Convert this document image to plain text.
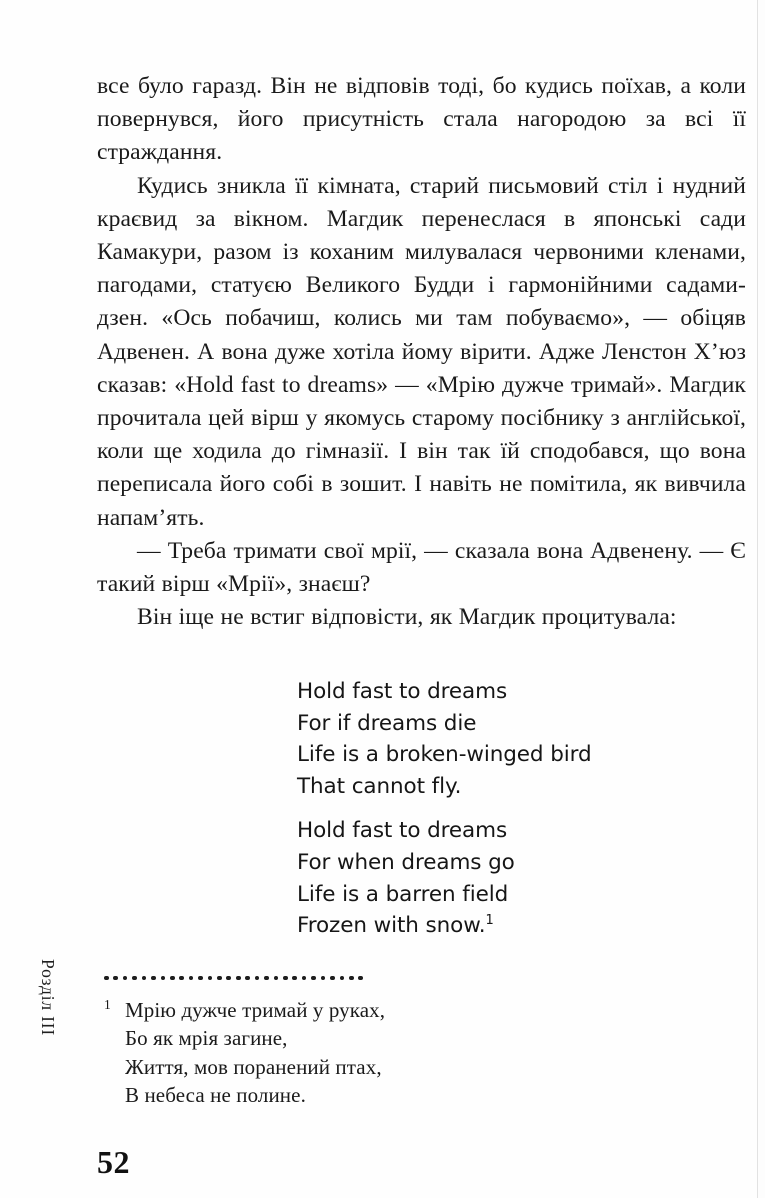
все було гаразд. Він не відповів тоді, бо кудись поїхав, а коли повернувся, його присутність стала нагородою за всі її страждання.

Кудись зникла її кімната, старий письмовий стіл і нудний краєвид за вікном. Магдик перенеслася в японські сади Камакури, разом із коханим милувалася червоними кленами, пагодами, статуєю Великого Будди і гармонійними садами-дзен. «Ось побачиш, колись ми там побуваємо», — обіцяв Адвенен. А вона дуже хотіла йому вірити. Адже Ленстон Х’юз сказав: «Hold fast to dreams» — «Мрію дужче тримай». Магдик прочитала цей вірш у якомусь старому посібнику з англійської, коли ще ходила до гімназії. І він так їй сподобався, що вона переписала його собі в зошит. І навіть не помітила, як вивчила напам’ять.

— Треба тримати свої мрії, — сказала вона Адвенену. — Є такий вірш «Мрії», знаєш?

Він іще не встиг відповісти, як Магдик процитувала:

Hold fast to dreams
For if dreams die
Life is a broken-winged bird
That cannot fly.
Hold fast to dreams
For when dreams go
Life is a barren field
Frozen with snow.$^1$
1 Мрію дужче тримай у руках,
Бо як мрія загине,
Життя, мов поранений птах,
В небеса не полине.
Розділ III
52
